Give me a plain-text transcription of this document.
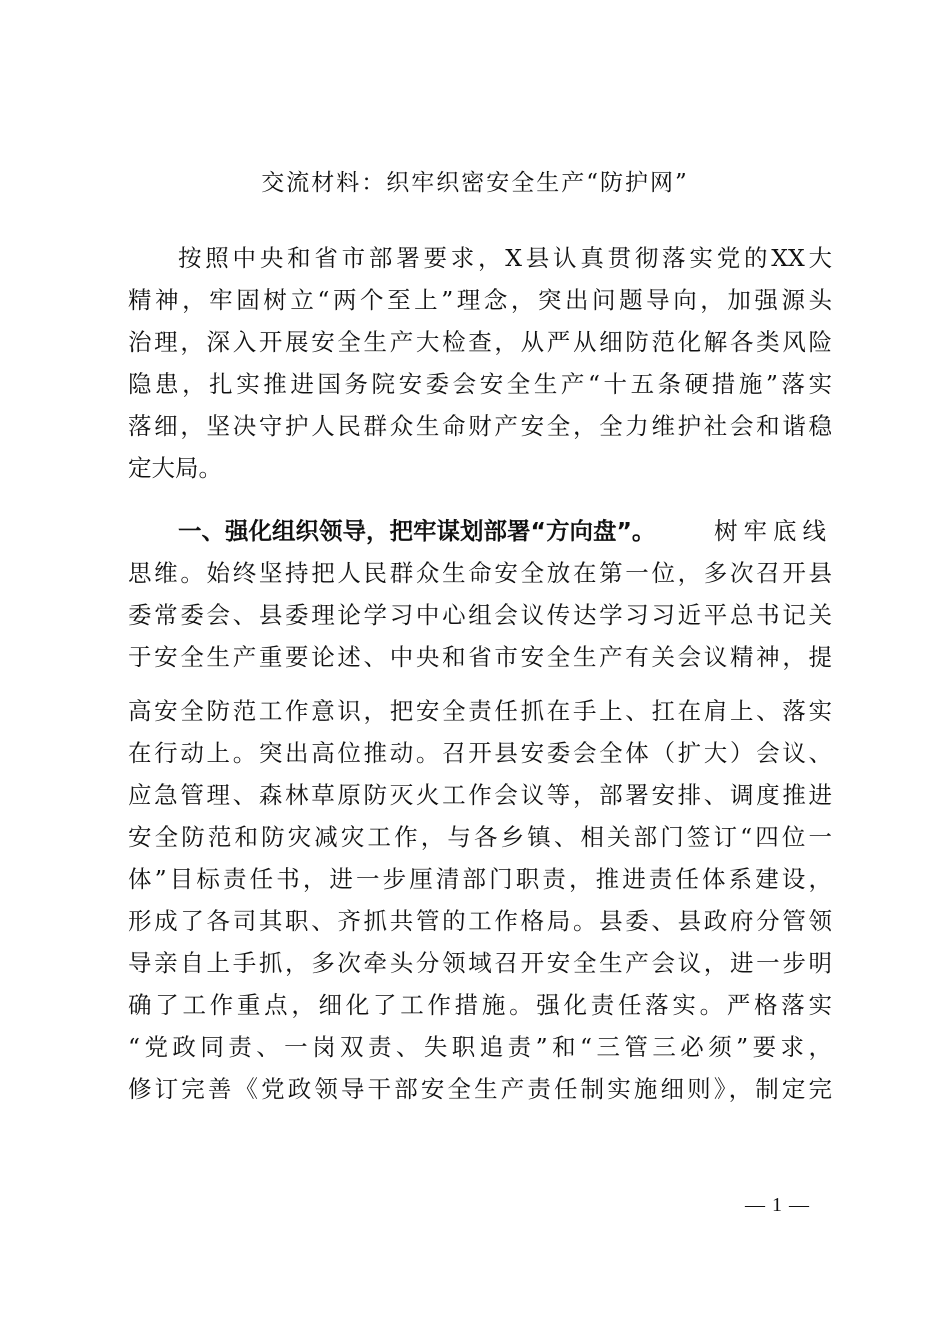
交流材料：织牢织密安全生产“防护网”
按照中央和省市部署要求，X县认真贯彻落实党的XX大
精神，牢固树立“两个至上”理念，突出问题导向，加强源头
治理，深入开展安全生产大检查，从严从细防范化解各类风险
隐患，扎实推进国务院安委会安全生产“十五条硬措施”落实
落细，坚决守护人民群众生命财产安全，全力维护社会和谐稳
定大局。
一、强化组织领导，把牢谋划部署“方向盘”。 树牢底线
思维。始终坚持把人民群众生命安全放在第一位，多次召开县
委常委会、县委理论学习中心组会议传达学习习近平总书记关
于安全生产重要论述、中央和省市安全生产有关会议精神，提
高安全防范工作意识，把安全责任抓在手上、扛在肩上、落实
在行动上。突出高位推动。召开县安委会全体（扩大）会议、
应急管理、森林草原防灭火工作会议等，部署安排、调度推进
安全防范和防灾减灾工作，与各乡镇、相关部门签订“四位一
体”目标责任书，进一步厘清部门职责，推进责任体系建设，
形成了各司其职、齐抓共管的工作格局。县委、县政府分管领
导亲自上手抓，多次牵头分领域召开安全生产会议，进一步明
确了工作重点，细化了工作措施。强化责任落实。严格落实
“党政同责、一岗双责、失职追责”和“三管三必须”要求，
修订完善《党政领导干部安全生产责任制实施细则》，制定完
— 1 —
